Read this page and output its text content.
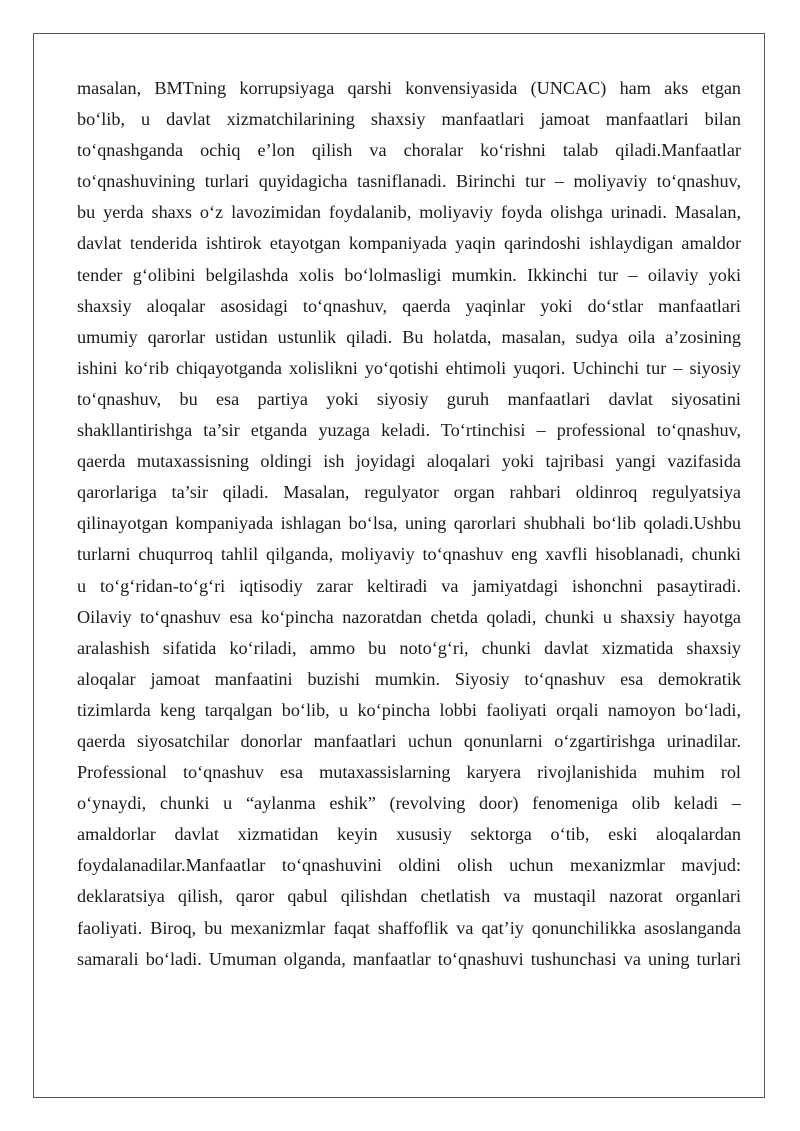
masalan, BMTning korrupsiyaga qarshi konvensiyasida (UNCAC) ham aks etgan
bo‘lib, u davlat xizmatchilarining shaxsiy manfaatlari jamoat manfaatlari bilan
to‘qnashganda ochiq e’lon qilish va choralar ko‘rishni talab qiladi.Manfaatlar
to‘qnashuvining turlari quyidagicha tasniflanadi. Birinchi tur – moliyaviy to‘qnashuv,
bu yerda shaxs o‘z lavozimidan foydalanib, moliyaviy foyda olishga urinadi. Masalan,
davlat tenderida ishtirok etayotgan kompaniyada yaqin qarindoshi ishlaydigan amaldor
tender g‘olibini belgilashda xolis bo‘lolmasligi mumkin. Ikkinchi tur – oilaviy yoki
shaxsiy aloqalar asosidagi to‘qnashuv, qaerda yaqinlar yoki do‘stlar manfaatlari
umumiy qarorlar ustidan ustunlik qiladi. Bu holatda, masalan, sudya oila a’zosining
ishini ko‘rib chiqayotganda xolislikni yo‘qotishi ehtimoli yuqori. Uchinchi tur – siyosiy
to‘qnashuv, bu esa partiya yoki siyosiy guruh manfaatlari davlat siyosatini
shakllantirishga ta’sir etganda yuzaga keladi. To‘rtinchisi – professional to‘qnashuv,
qaerda mutaxassisning oldingi ish joyidagi aloqalari yoki tajribasi yangi vazifasida
qarorlariga ta’sir qiladi. Masalan, regulyator organ rahbari oldinroq regulyatsiya
qilinayotgan kompaniyada ishlagan bo‘lsa, uning qarorlari shubhali bo‘lib qoladi.Ushbu
turlarni chuqurroq tahlil qilganda, moliyaviy to‘qnashuv eng xavfli hisoblanadi, chunki
u to‘g‘ridan-to‘g‘ri iqtisodiy zarar keltiradi va jamiyatdagi ishonchni pasaytiradi.
Oilaviy to‘qnashuv esa ko‘pincha nazoratdan chetda qoladi, chunki u shaxsiy hayotga
aralashish sifatida ko‘riladi, ammo bu noto‘g‘ri, chunki davlat xizmatida shaxsiy
aloqalar jamoat manfaatini buzishi mumkin. Siyosiy to‘qnashuv esa demokratik
tizimlarda keng tarqalgan bo‘lib, u ko‘pincha lobbi faoliyati orqali namoyon bo‘ladi,
qaerda siyosatchilar donorlar manfaatlari uchun qonunlarni o‘zgartirishga urinadilar.
Professional to‘qnashuv esa mutaxassislarning karyera rivojlanishida muhim rol
o‘ynaydi, chunki u “aylanma eshik” (revolving door) fenomeniga olib keladi –
amaldorlar davlat xizmatidan keyin xususiy sektorga o‘tib, eski aloqalardan
foydalanadilar.Manfaatlar to‘qnashuvini oldini olish uchun mexanizmlar mavjud:
deklaratsiya qilish, qaror qabul qilishdan chetlatish va mustaqil nazorat organlari
faoliyati. Biroq, bu mexanizmlar faqat shaffoflik va qat’iy qonunchilikka asoslanganda
samarali bo‘ladi. Umuman olganda, manfaatlar to‘qnashuvi tushunchasi va uning turlari
